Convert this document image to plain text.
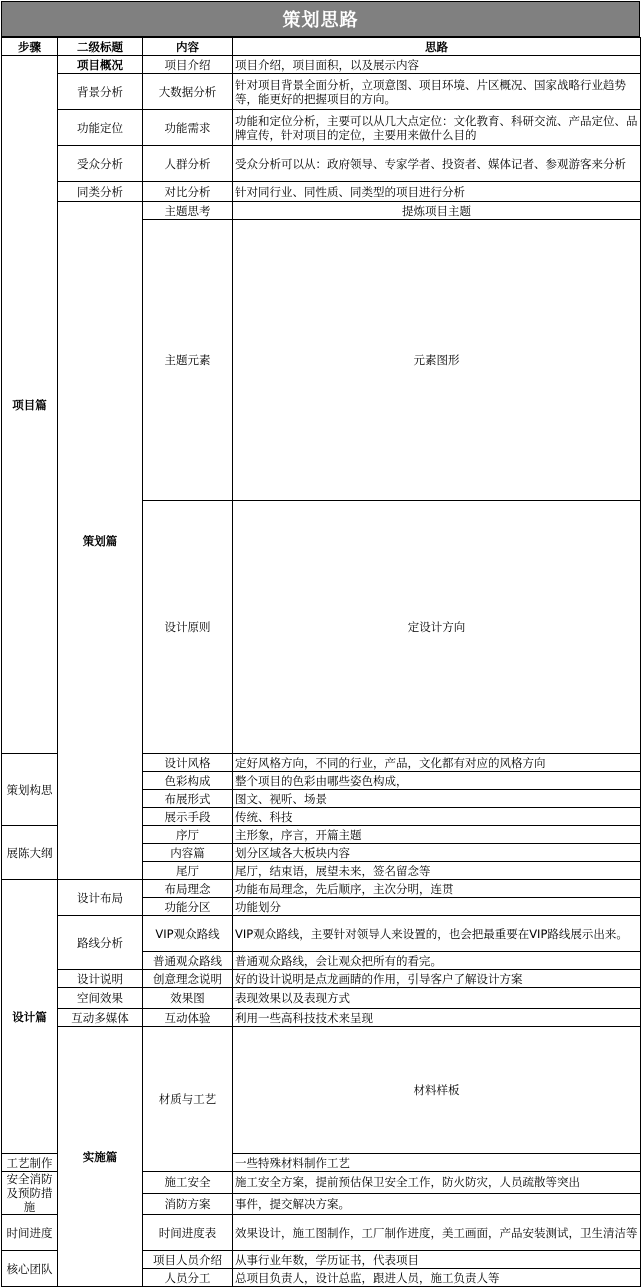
策划思路
步骤	二级标题	内容	思路	
项目篇	项目概况	项目介绍	项目介绍，项目面积，以及展示内容	
	背景分析	大数据分析	针对项目背景全面分析，立项意图、项目环境、片区概况、国家战略行业趋势等，能更好的把握项目的方向。	
	功能定位	功能需求	功能和定位分析，主要可以从几大点定位：文化教育、科研交流、产品定位、品牌宣传，针对项目的定位，主要用来做什么目的	
	受众分析	人群分析	受众分析可以从：政府领导、专家学者、投资者、媒体记者、参观游客来分析	
	同类分析	对比分析	针对同行业、同性质、同类型的项目进行分析	
	策划篇	主题思考	提炼项目主题	
		主题元素	元素图形	
		设计原则	定设计方向	
策划构思		设计风格	定好风格方向，不同的行业，产品，文化都有对应的风格方向	
		色彩构成	整个项目的色彩由哪些姿色构成，	
		布展形式	图文、视听、场景	
		展示手段	传统、科技	
展陈大纲		序厅	主形象，序言，开篇主题	
		内容篇	划分区域各大板块内容	
		尾厅	尾厅，结束语，展望未来，签名留念等	
设计篇	设计布局	布局理念	功能布局理念，先后顺序，主次分明，连贯	
		功能分区	功能划分	
	路线分析	VIP观众路线	VIP观众路线，主要针对领导人来设置的，也会把最重要在VIP路线展示出来。	
		普通观众路线	普通观众路线，会让观众把所有的看完。	
	设计说明	创意理念说明	好的设计说明是点龙画睛的作用，引导客户了解设计方案	
	空间效果	效果图	表现效果以及表现方式	
	互动多媒体	互动体验	利用一些高科技技术来呈现	
	实施篇	材质与工艺	材料样板	
工艺制作			一些特殊材料制作工艺	
安全消防及预防措施		施工安全	施工安全方案，提前预估保卫安全工作，防火防灾，人员疏散等突出	
		消防方案	事件，提交解决方案。	
时间进度		时间进度表	效果设计，施工图制作，工厂制作进度，美工画面，产品安装测试，卫生清洁等	
核心团队		项目人员介绍	从事行业年数，学历证书，代表项目	
		人员分工	总项目负责人，设计总监，跟进人员，施工负责人等	
